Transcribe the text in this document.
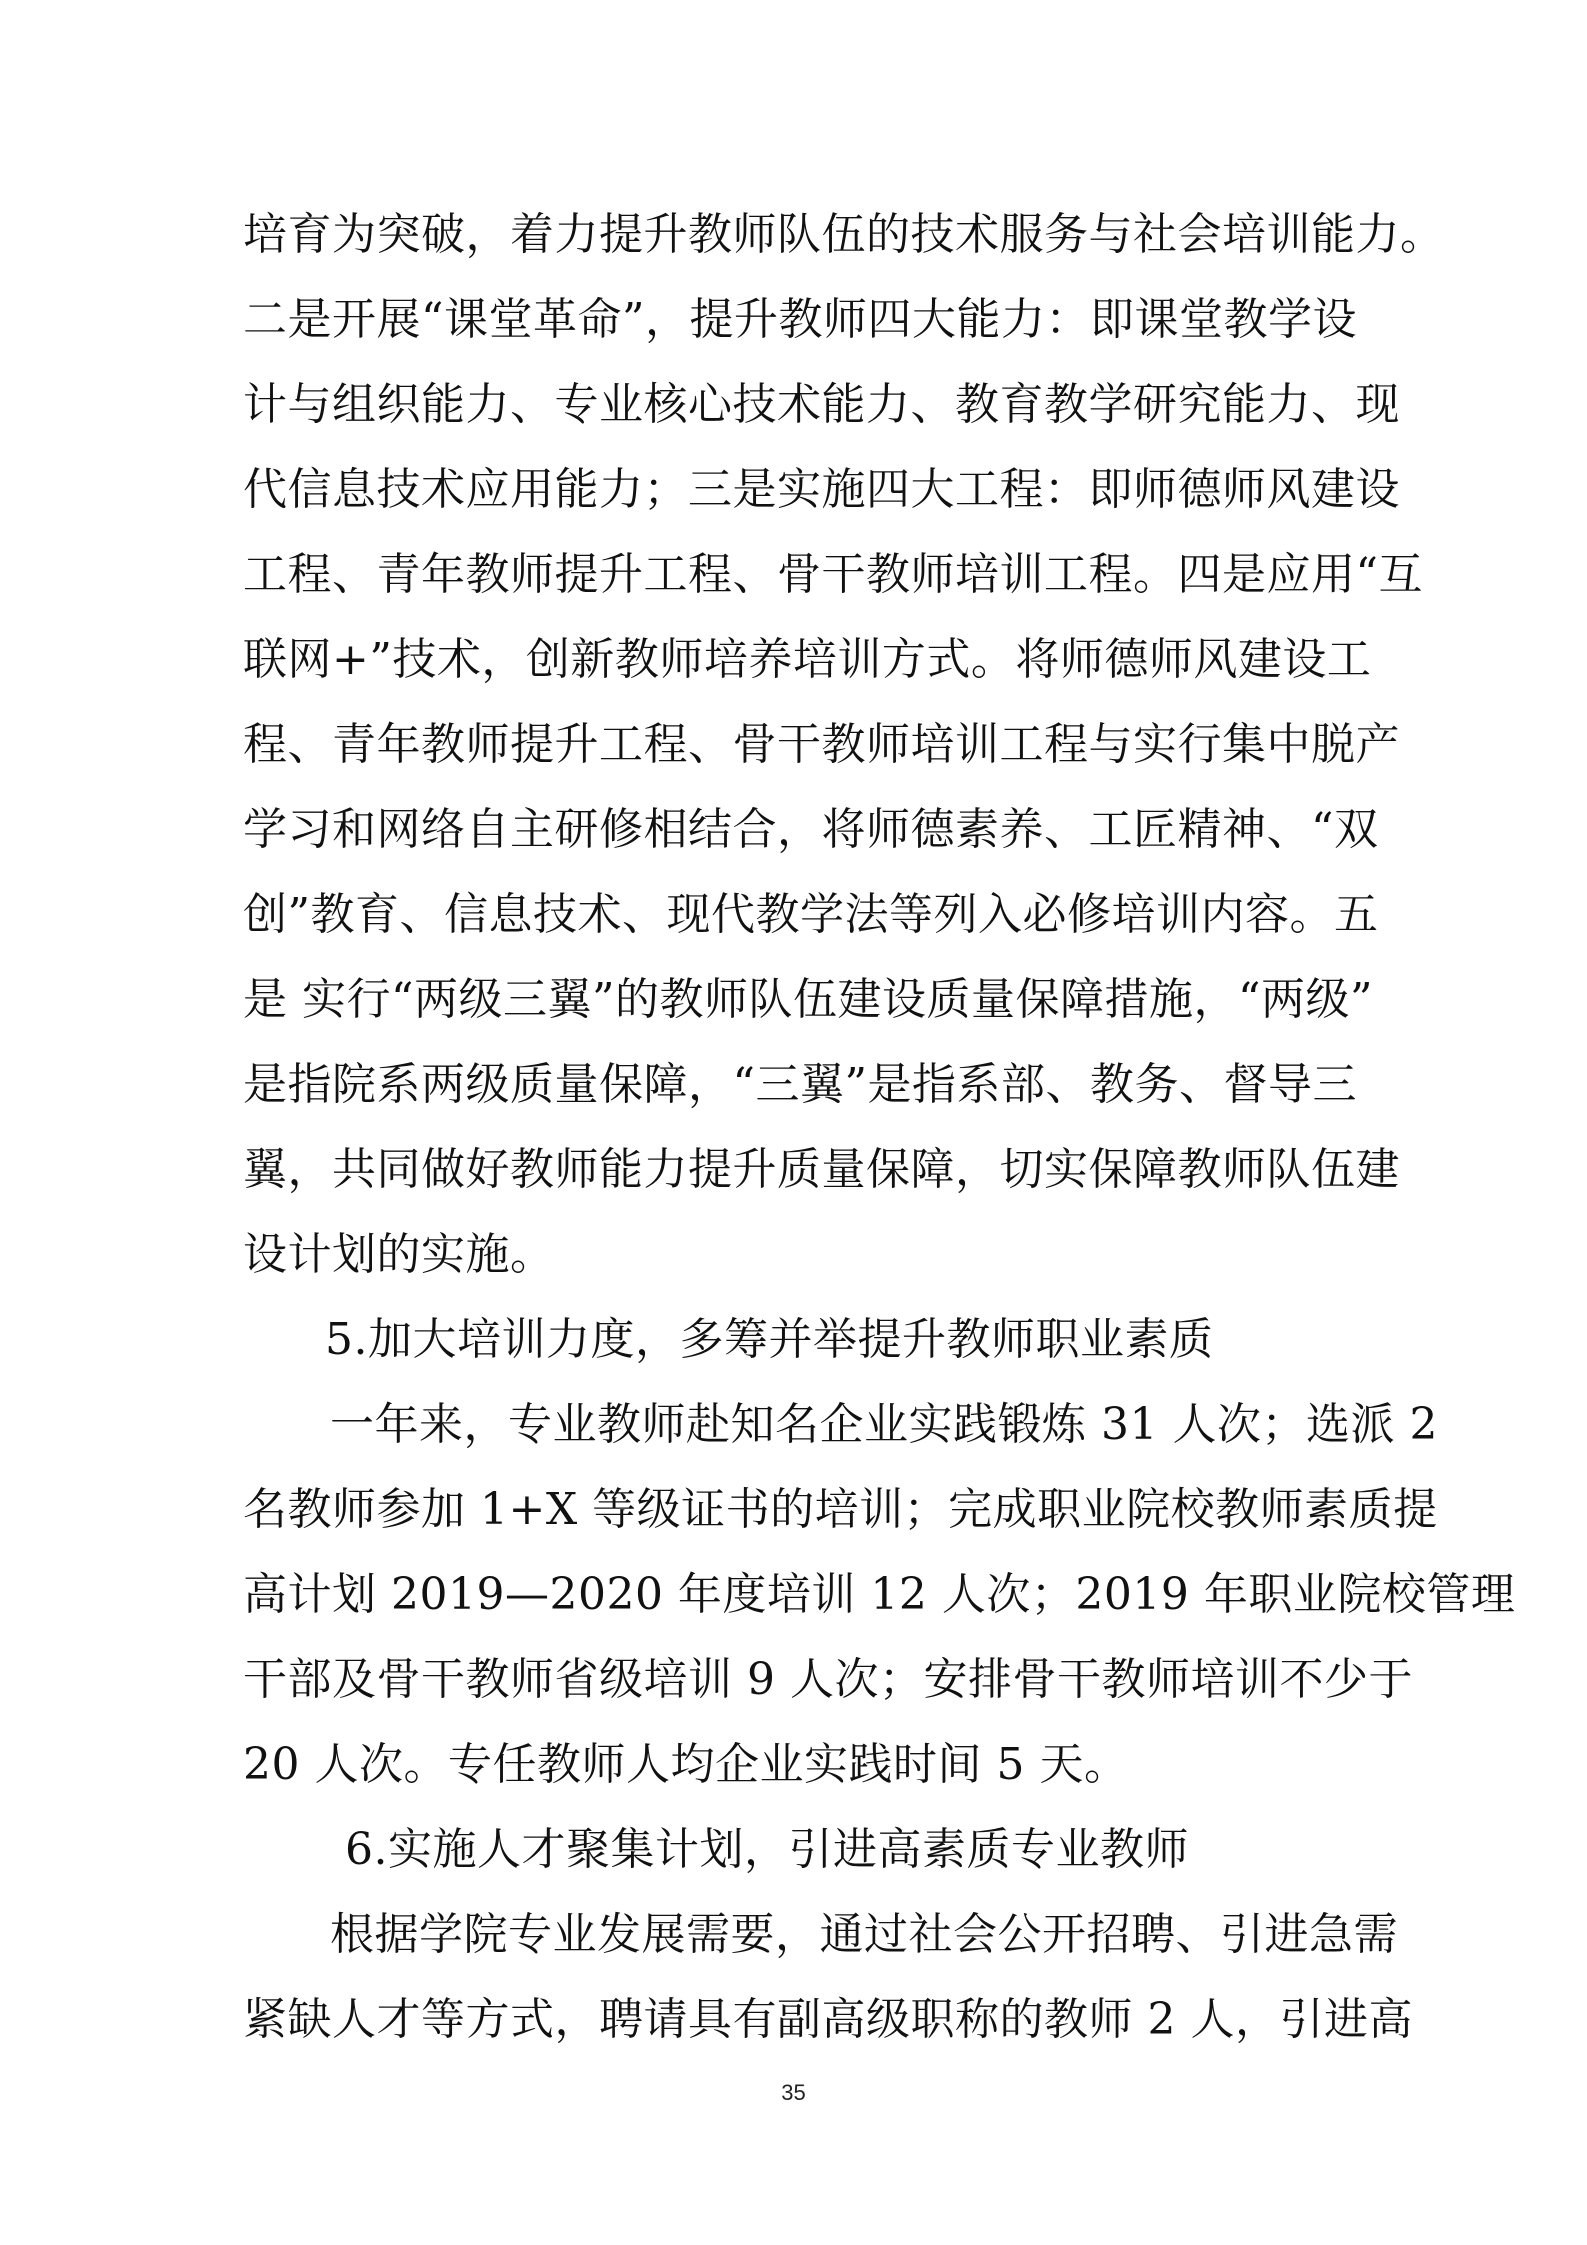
培育为突破，着力提升教师队伍的技术服务与社会培训能力。
二是开展“课堂革命”，提升教师四大能力：即课堂教学设
计与组织能力、专业核心技术能力、教育教学研究能力、现
代信息技术应用能力；三是实施四大工程：即师德师风建设
工程、青年教师提升工程、骨干教师培训工程。四是应用“互
联网+”技术，创新教师培养培训方式。将师德师风建设工
程、青年教师提升工程、骨干教师培训工程与实行集中脱产
学习和网络自主研修相结合，将师德素养、工匠精神、“双
创”教育、信息技术、现代教学法等列入必修培训内容。五
是 实行“两级三翼”的教师队伍建设质量保障措施，“两级”
是指院系两级质量保障，“三翼”是指系部、教务、督导三
翼，共同做好教师能力提升质量保障，切实保障教师队伍建
设计划的实施。
5.加大培训力度，多筹并举提升教师职业素质
一年来，专业教师赴知名企业实践锻炼 31 人次；选派 2
名教师参加 1+X 等级证书的培训；完成职业院校教师素质提
高计划 2019—2020 年度培训 12 人次；2019 年职业院校管理
干部及骨干教师省级培训 9 人次；安排骨干教师培训不少于
20 人次。专任教师人均企业实践时间 5 天。
6.实施人才聚集计划，引进高素质专业教师
根据学院专业发展需要，通过社会公开招聘、引进急需
紧缺人才等方式，聘请具有副高级职称的教师 2 人，引进高
35
